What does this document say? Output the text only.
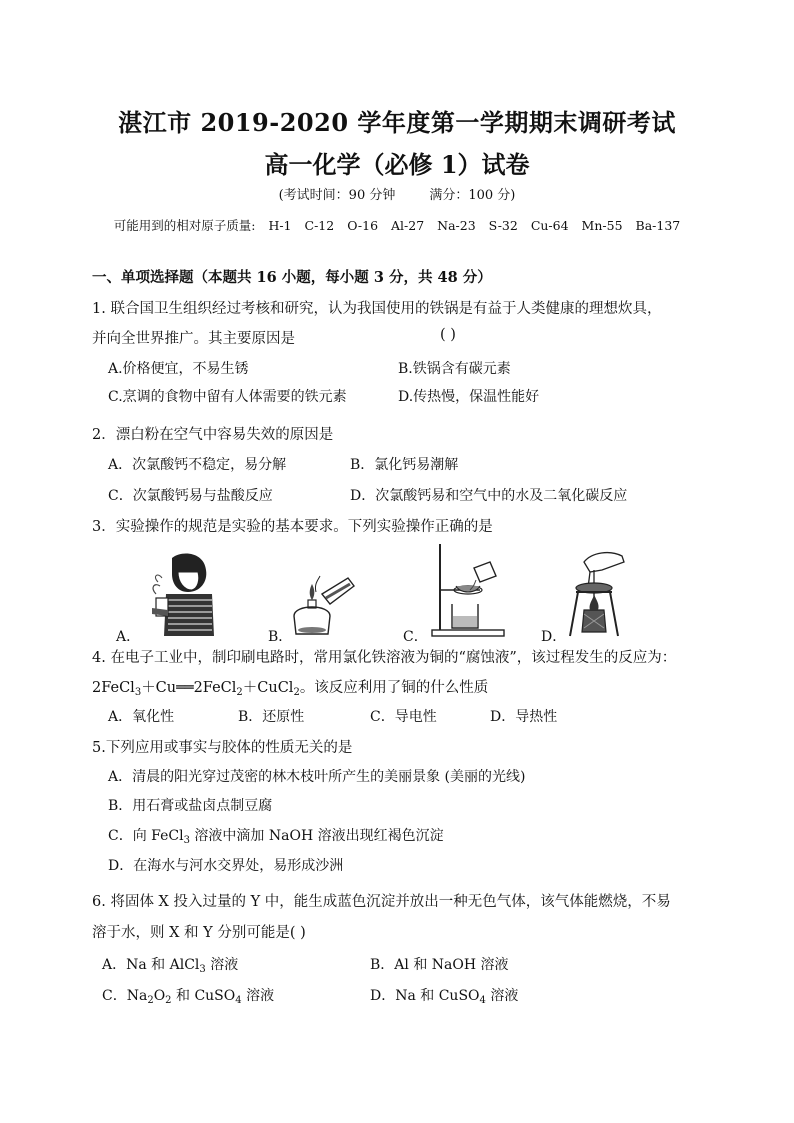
湛江市 2019-2020 学年度第一学期期末调研考试
高一化学（必修 1）试卷
(考试时间：90 分钟	满分：100 分)
可能用到的相对原子质量: H-1 C-12 O-16 Al-27 Na-23 S-32 Cu-64 Mn-55 Ba-137
一、单项选择题（本题共 16 小题，每小题 3 分，共 48 分）
1. 联合国卫生组织经过考核和研究，认为我国使用的铁锅是有益于人类健康的理想炊具，
并向全世界推广。其主要原因是	( )
A.价格便宜，不易生锈	B.铁锅含有碳元素
C.烹调的食物中留有人体需要的铁元素	D.传热慢，保温性能好
2．漂白粉在空气中容易失效的原因是
A．次氯酸钙不稳定，易分解	B．氯化钙易潮解
C．次氯酸钙易与盐酸反应	D．次氯酸钙易和空气中的水及二氧化碳反应
3．实验操作的规范是实验的基本要求。下列实验操作正确的是
A．	B．	C．	D．
4. 在电子工业中，制印刷电路时，常用氯化铁溶液为铜的“腐蚀液”，该过程发生的反应为：
2FeCl$_3$＋Cu══2FeCl$_2$＋CuCl$_2$。该反应利用了铜的什么性质
A．氧化性	B．还原性	C．导电性	D．导热性
5.下列应用或事实与胶体的性质无关的是
A．清晨的阳光穿过茂密的林木枝叶所产生的美丽景象 (美丽的光线)
B．用石膏或盐卤点制豆腐
C．向 FeCl$_3$ 溶液中滴加 NaOH 溶液出现红褐色沉淀
D．在海水与河水交界处，易形成沙洲
6. 将固体 X 投入过量的 Y 中，能生成蓝色沉淀并放出一种无色气体，该气体能燃烧，不易
溶于水，则 X 和 Y 分别可能是( )
A．Na 和 AlCl$_3$ 溶液	B．Al 和 NaOH 溶液
C．$Na_2O_2$ 和 CuSO$_4$ 溶液	D．Na 和 CuSO$_4$ 溶液
